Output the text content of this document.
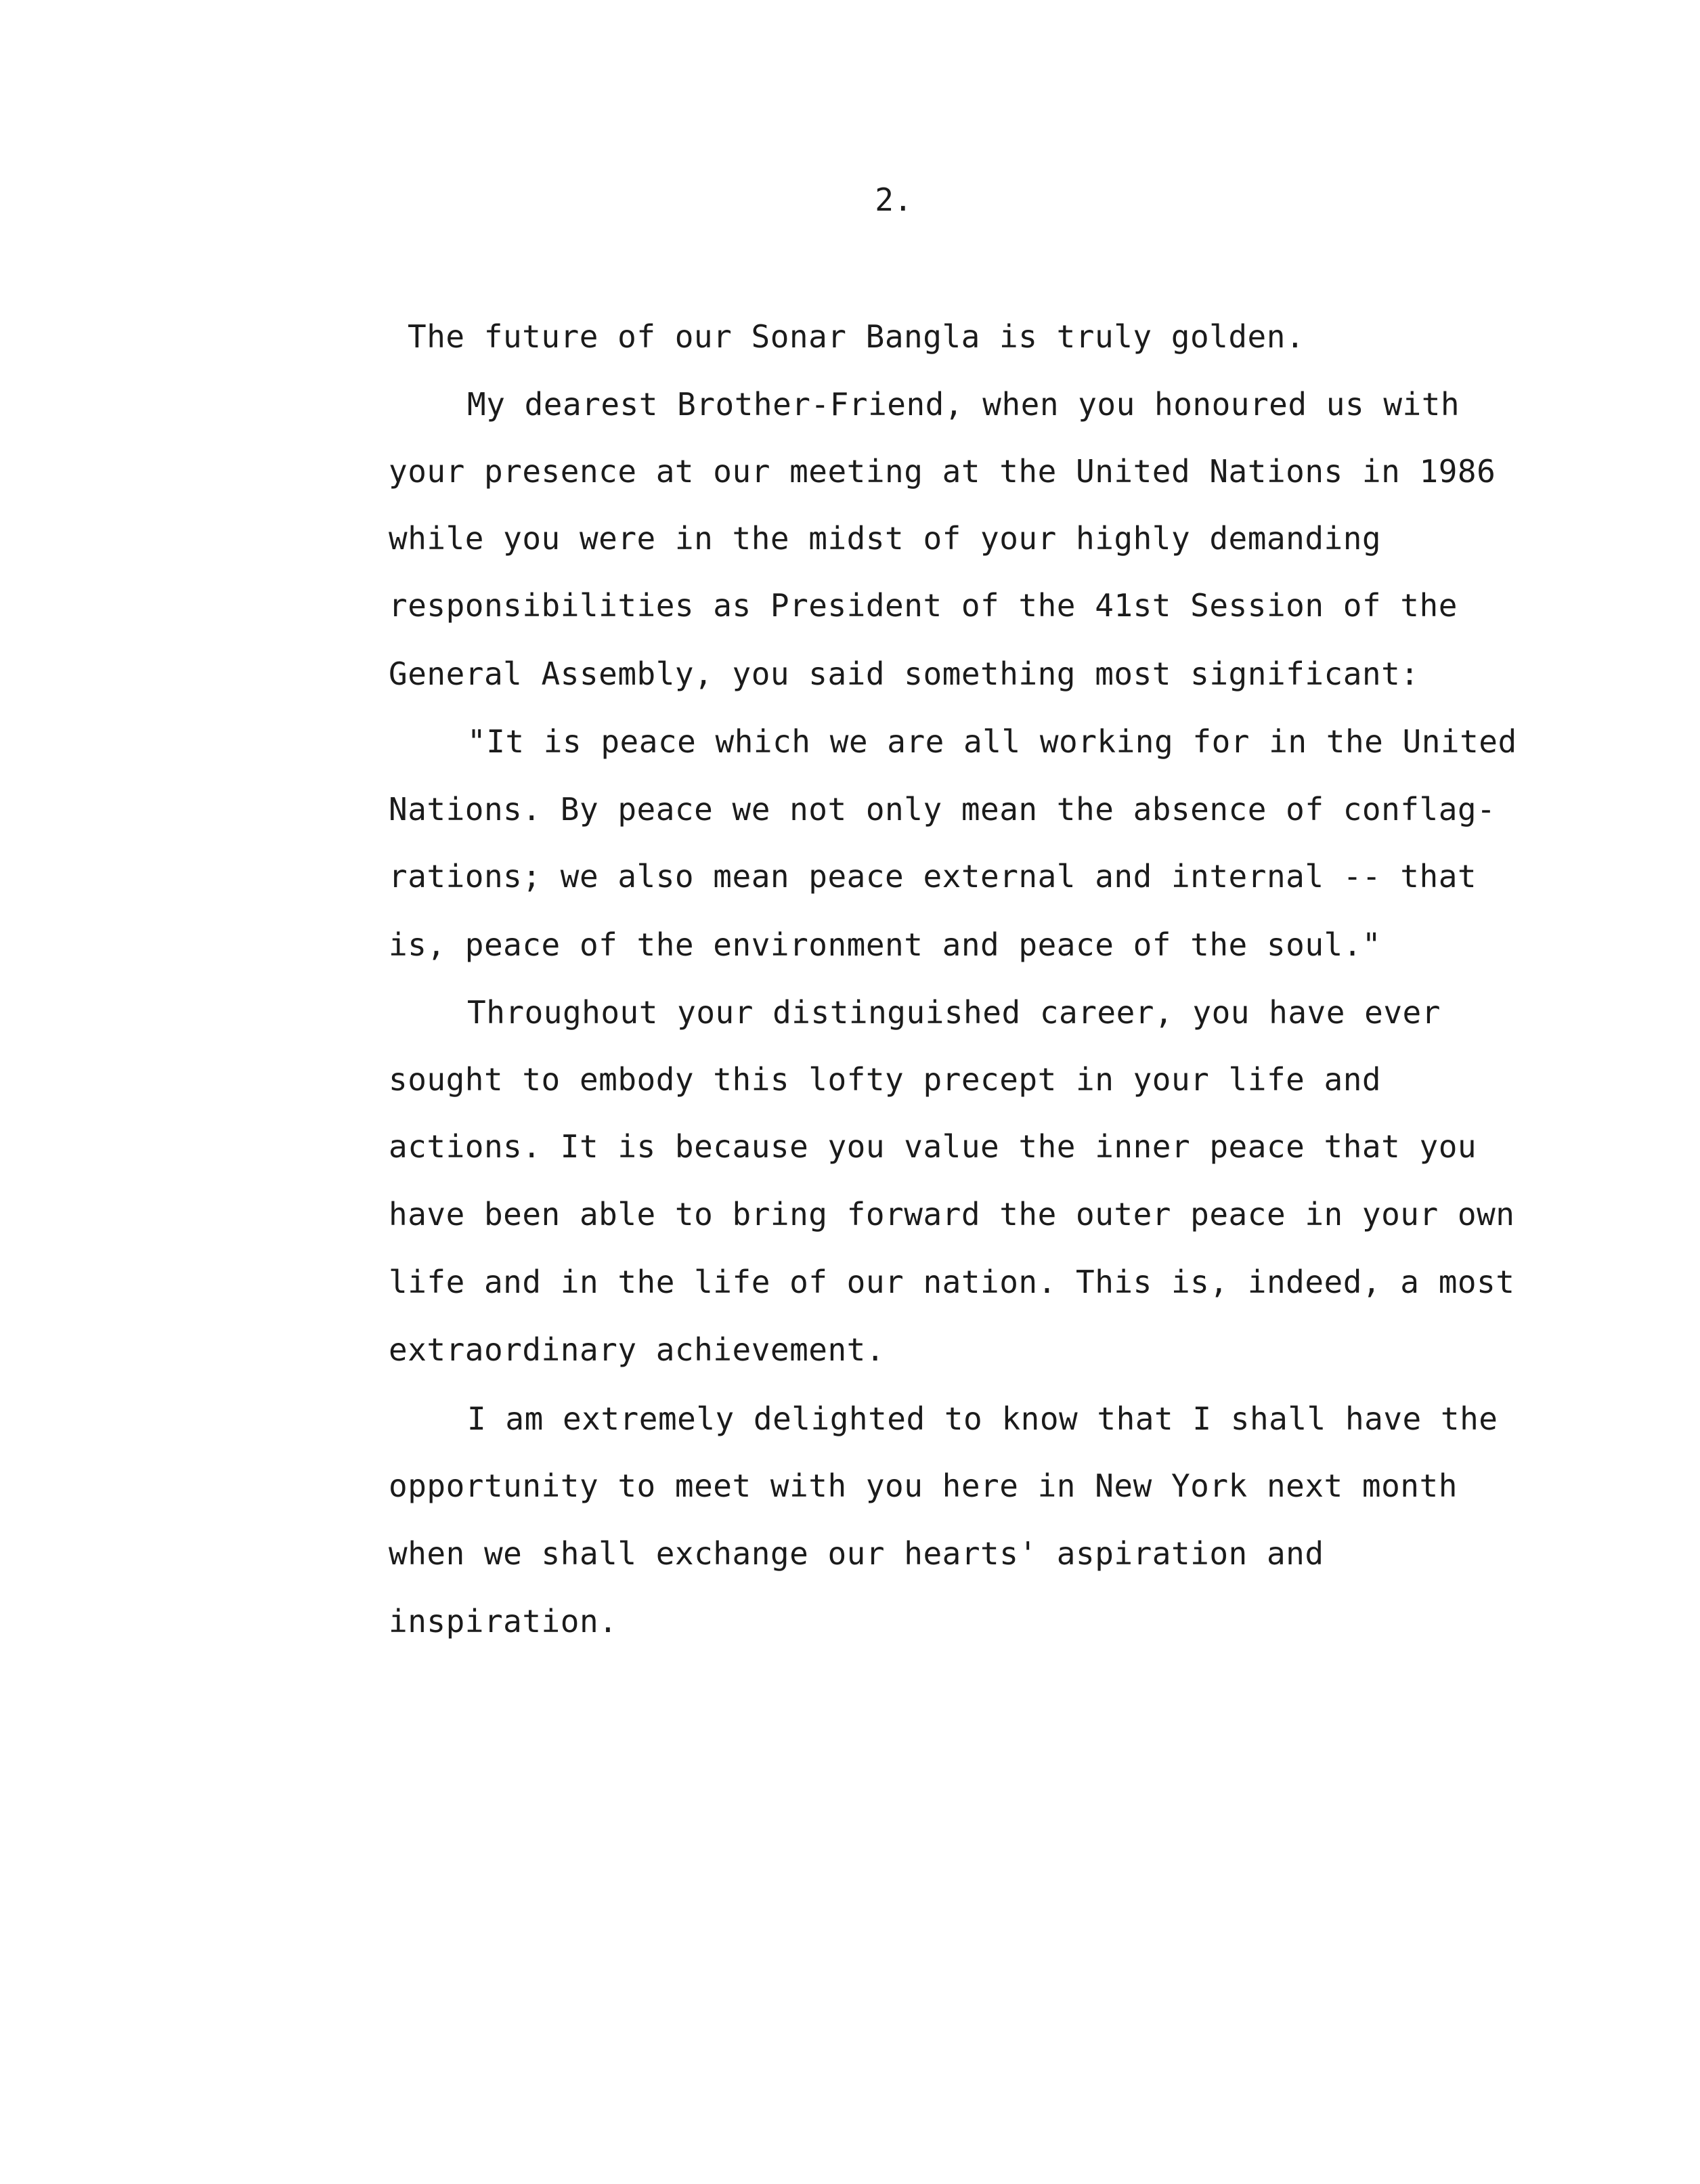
2.
The future of our Sonar Bangla is truly golden.
My dearest Brother-Friend, when you honoured us with
your presence at our meeting at the United Nations in 1986
while you were in the midst of your highly demanding
responsibilities as President of the 41st Session of the
General Assembly, you said something most significant:
"It is peace which we are all working for in the United
Nations. By peace we not only mean the absence of conflag-
rations; we also mean peace external and internal -- that
is, peace of the environment and peace of the soul."
Throughout your distinguished career, you have ever
sought to embody this lofty precept in your life and
actions. It is because you value the inner peace that you
have been able to bring forward the outer peace in your own
life and in the life of our nation. This is, indeed, a most
extraordinary achievement.
I am extremely delighted to know that I shall have the
opportunity to meet with you here in New York next month
when we shall exchange our hearts' aspiration and
inspiration.
